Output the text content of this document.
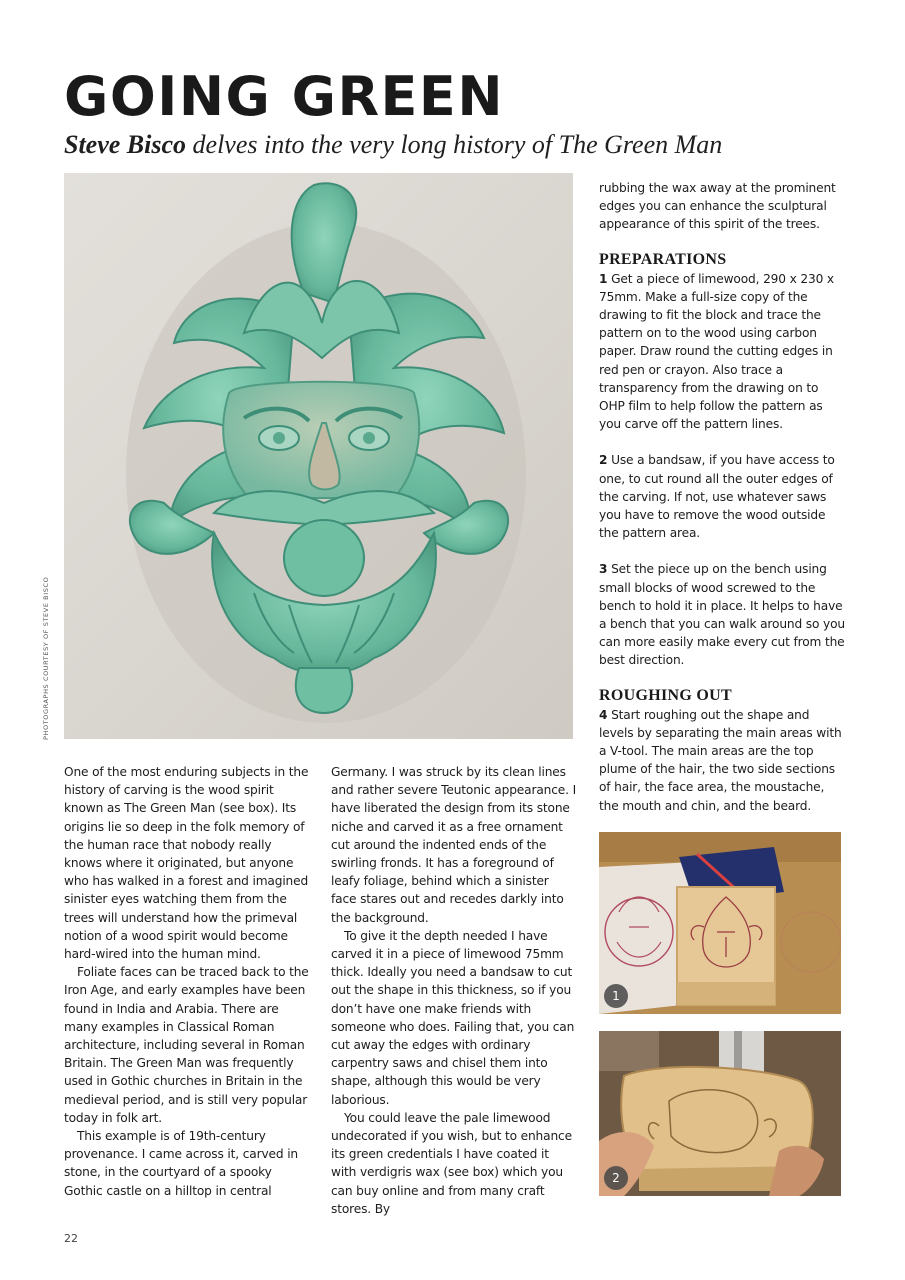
GOING GREEN

Steve Bisco delves into the very long history of The Green Man

PHOTOGRAPHS COURTESY OF STEVE BISCO

One of the most enduring subjects in the history of carving is the wood spirit known as The Green Man (see box). Its origins lie so deep in the folk memory of the human race that nobody really knows where it originated, but anyone who has walked in a forest and imagined sinister eyes watching them from the trees will understand how the primeval notion of a wood spirit would become hard-wired into the human mind.

Foliate faces can be traced back to the Iron Age, and early examples have been found in India and Arabia. There are many examples in Classical Roman architecture, including several in Roman Britain. The Green Man was frequently used in Gothic churches in Britain in the medieval period, and is still very popular today in folk art.

This example is of 19th-century provenance. I came across it, carved in stone, in the courtyard of a spooky Gothic castle on a hilltop in central

Germany. I was struck by its clean lines and rather severe Teutonic appearance. I have liberated the design from its stone niche and carved it as a free ornament cut around the indented ends of the swirling fronds. It has a foreground of leafy foliage, behind which a sinister face stares out and recedes darkly into the background.

To give it the depth needed I have carved it in a piece of limewood 75mm thick. Ideally you need a bandsaw to cut out the shape in this thickness, so if you don’t have one make friends with someone who does. Failing that, you can cut away the edges with ordinary carpentry saws and chisel them into shape, although this would be very laborious.

You could leave the pale limewood undecorated if you wish, but to enhance its green credentials I have coated it with verdigris wax (see box) which you can buy online and from many craft stores. By

rubbing the wax away at the prominent edges you can enhance the sculptural appearance of this spirit of the trees.

PREPARATIONS

1 Get a piece of limewood, 290 x 230 x 75mm. Make a full-size copy of the drawing to fit the block and trace the pattern on to the wood using carbon paper. Draw round the cutting edges in red pen or crayon. Also trace a transparency from the drawing on to OHP film to help follow the pattern as you carve off the pattern lines.

2 Use a bandsaw, if you have access to one, to cut round all the outer edges of the carving. If not, use whatever saws you have to remove the wood outside the pattern area.

3 Set the piece up on the bench using small blocks of wood screwed to the bench to hold it in place. It helps to have a bench that you can walk around so you can more easily make every cut from the best direction.

ROUGHING OUT

4 Start roughing out the shape and levels by separating the main areas with a V-tool. The main areas are the top plume of the hair, the two side sections of hair, the face area, the moustache, the mouth and chin, and the beard.

1
2
22
